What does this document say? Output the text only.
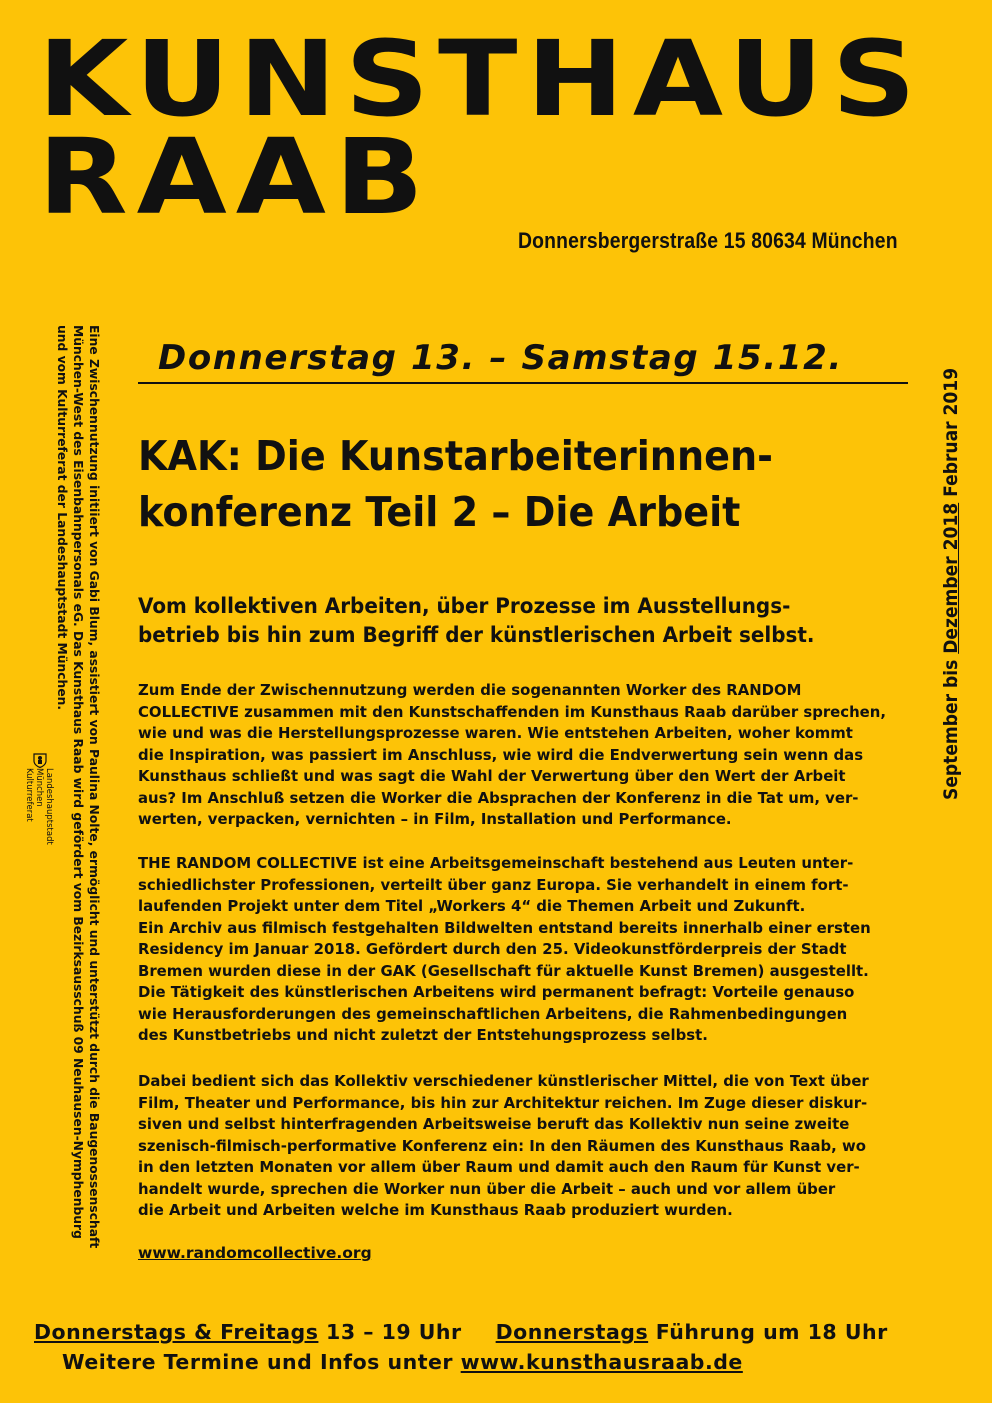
KUNSTHAUS
RAAB
Donnersbergerstraße 15 80634 München
Donnerstag 13. – Samstag 15.12.
KAK: Die Kunstarbeiterinnen-
konferenz Teil 2 – Die Arbeit
Vom kollektiven Arbeiten, über Prozesse im Ausstellungs-
betrieb bis hin zum Begriff der künstlerischen Arbeit selbst.
Zum Ende der Zwischennutzung werden die sogenannten Worker des RANDOM
COLLECTIVE zusammen mit den Kunstschaffenden im Kunsthaus Raab darüber sprechen,
wie und was die Herstellungsprozesse waren. Wie entstehen Arbeiten, woher kommt
die Inspiration, was passiert im Anschluss, wie wird die Endverwertung sein wenn das
Kunsthaus schließt und was sagt die Wahl der Verwertung über den Wert der Arbeit
aus? Im Anschluß setzen die Worker die Absprachen der Konferenz in die Tat um, ver-
werten, verpacken, vernichten – in Film, Installation und Performance.
THE RANDOM COLLECTIVE ist eine Arbeitsgemeinschaft bestehend aus Leuten unter-
schiedlichster Professionen, verteilt über ganz Europa. Sie verhandelt in einem fort-
laufenden Projekt unter dem Titel „Workers 4“ die Themen Arbeit und Zukunft.
Ein Archiv aus filmisch festgehalten Bildwelten entstand bereits innerhalb einer ersten
Residency im Januar 2018. Gefördert durch den 25. Videokunstförderpreis der Stadt
Bremen wurden diese in der GAK (Gesellschaft für aktuelle Kunst Bremen) ausgestellt.
Die Tätigkeit des künstlerischen Arbeitens wird permanent befragt: Vorteile genauso
wie Herausforderungen des gemeinschaftlichen Arbeitens, die Rahmenbedingungen
des Kunstbetriebs und nicht zuletzt der Entstehungsprozess selbst.
Dabei bedient sich das Kollektiv verschiedener künstlerischer Mittel, die von Text über
Film, Theater und Performance, bis hin zur Architektur reichen. Im Zuge dieser diskur-
siven und selbst hinterfragenden Arbeitsweise beruft das Kollektiv nun seine zweite
szenisch-filmisch-performative Konferenz ein: In den Räumen des Kunsthaus Raab, wo
in den letzten Monaten vor allem über Raum und damit auch den Raum für Kunst ver-
handelt wurde, sprechen die Worker nun über die Arbeit – auch und vor allem über
die Arbeit und Arbeiten welche im Kunsthaus Raab produziert wurden.
www.randomcollective.org
Eine Zwischennutzung initiiert von Gabi Blum, assistiert von Paulina Nolte, ermöglicht und unterstützt durch die Baugenossenschaft
München-West des Eisenbahnpersonals eG. Das Kunsthaus Raab wird gefördert vom Bezirksausschuß 09 Neuhausen-Nymphenburg
und vom Kulturreferat der Landeshauptstadt München.
Landeshauptstadt
München
Kulturreferat	September bis Dezember 2018 Februar 2019
Donnerstags & Freitags 13 – 19 Uhr Donnerstags Führung um 18 Uhr
Weitere Termine und Infos unter www.kunsthausraab.de
